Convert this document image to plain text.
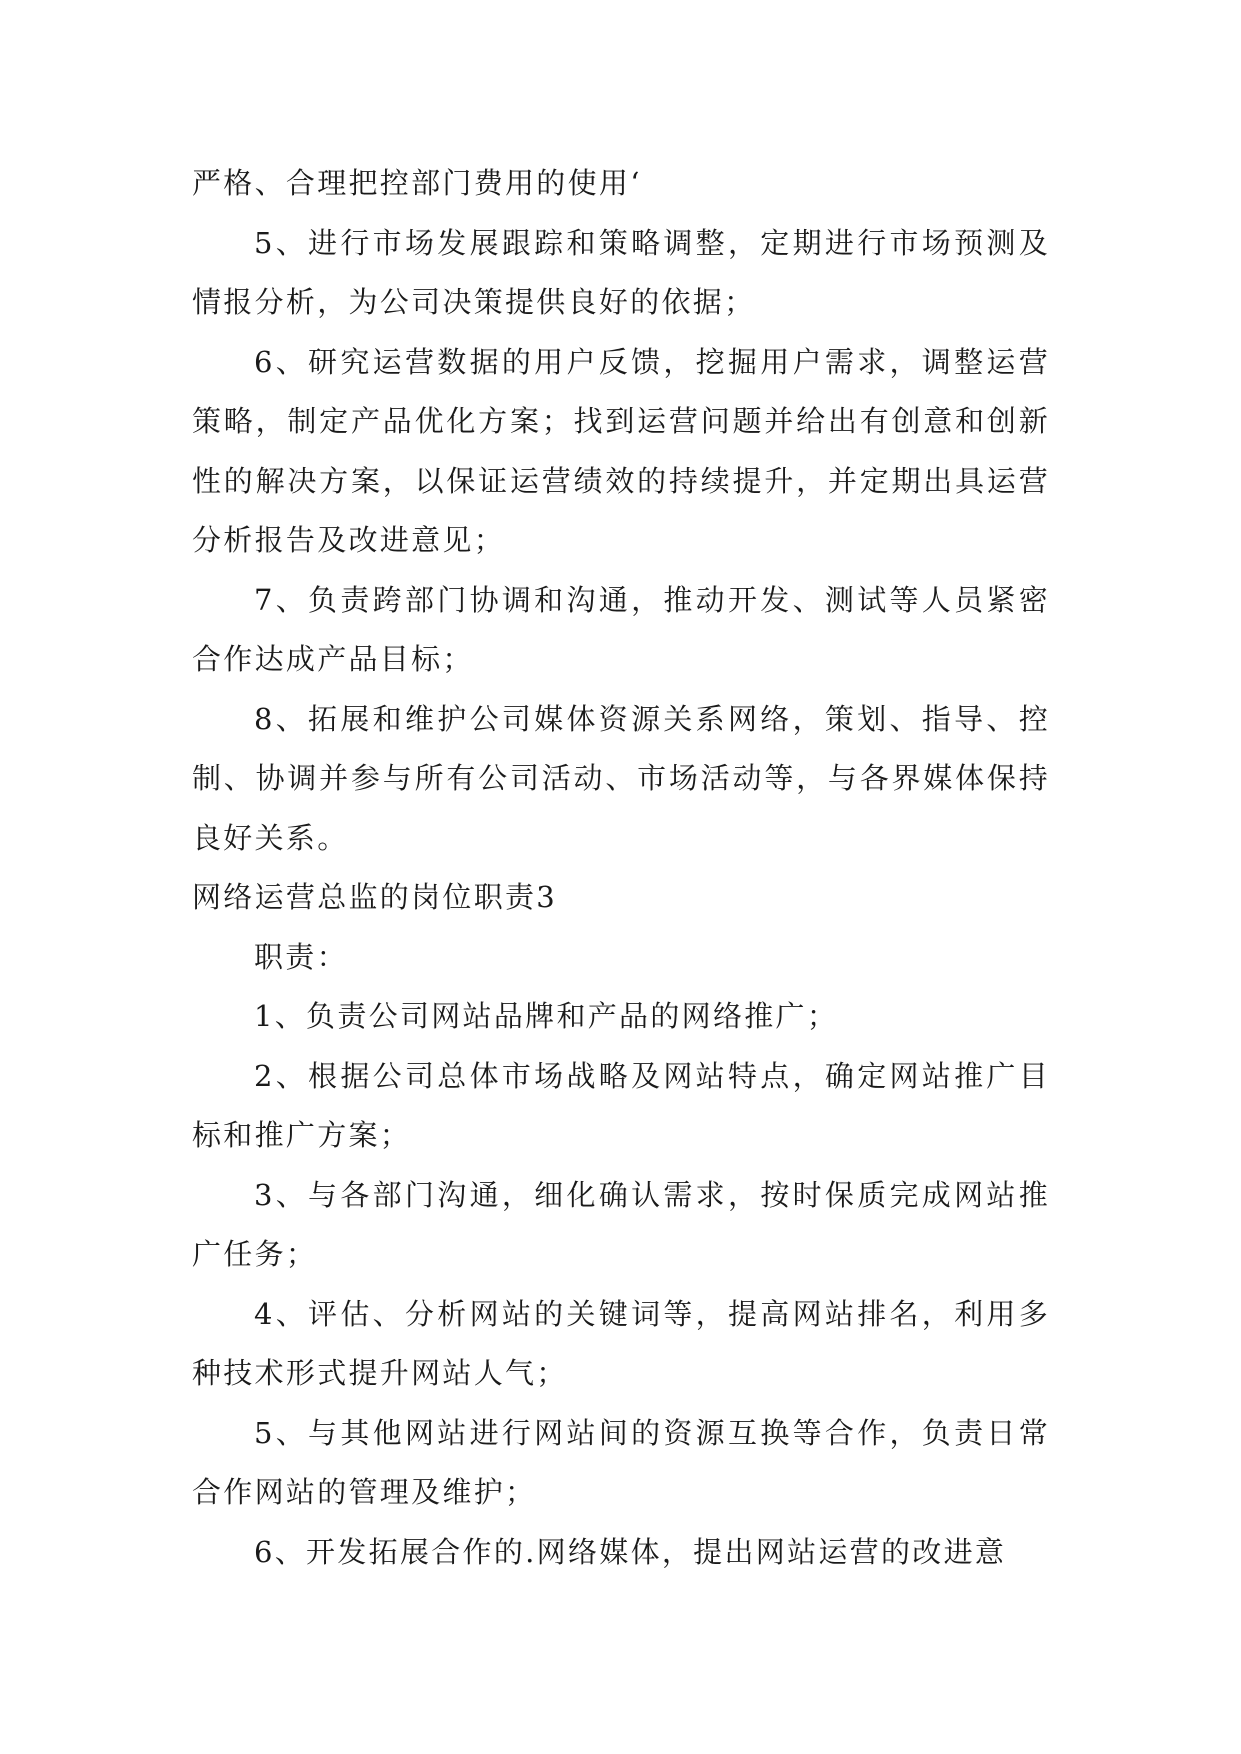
严格、合理把控部门费用的使用‘

5、进行市场发展跟踪和策略调整，定期进行市场预测及情报分析，为公司决策提供良好的依据；

6、研究运营数据的用户反馈，挖掘用户需求，调整运营策略，制定产品优化方案；找到运营问题并给出有创意和创新性的解决方案，以保证运营绩效的持续提升，并定期出具运营分析报告及改进意见；

7、负责跨部门协调和沟通，推动开发、测试等人员紧密合作达成产品目标；

8、拓展和维护公司媒体资源关系网络，策划、指导、控制、协调并参与所有公司活动、市场活动等，与各界媒体保持良好关系。

网络运营总监的岗位职责3

职责：

1、负责公司网站品牌和产品的网络推广；

2、根据公司总体市场战略及网站特点，确定网站推广目标和推广方案；

3、与各部门沟通，细化确认需求，按时保质完成网站推广任务；

4、评估、分析网站的关键词等，提高网站排名，利用多种技术形式提升网站人气；

5、与其他网站进行网站间的资源互换等合作，负责日常合作网站的管理及维护；

6、开发拓展合作的.网络媒体，提出网站运营的改进意
